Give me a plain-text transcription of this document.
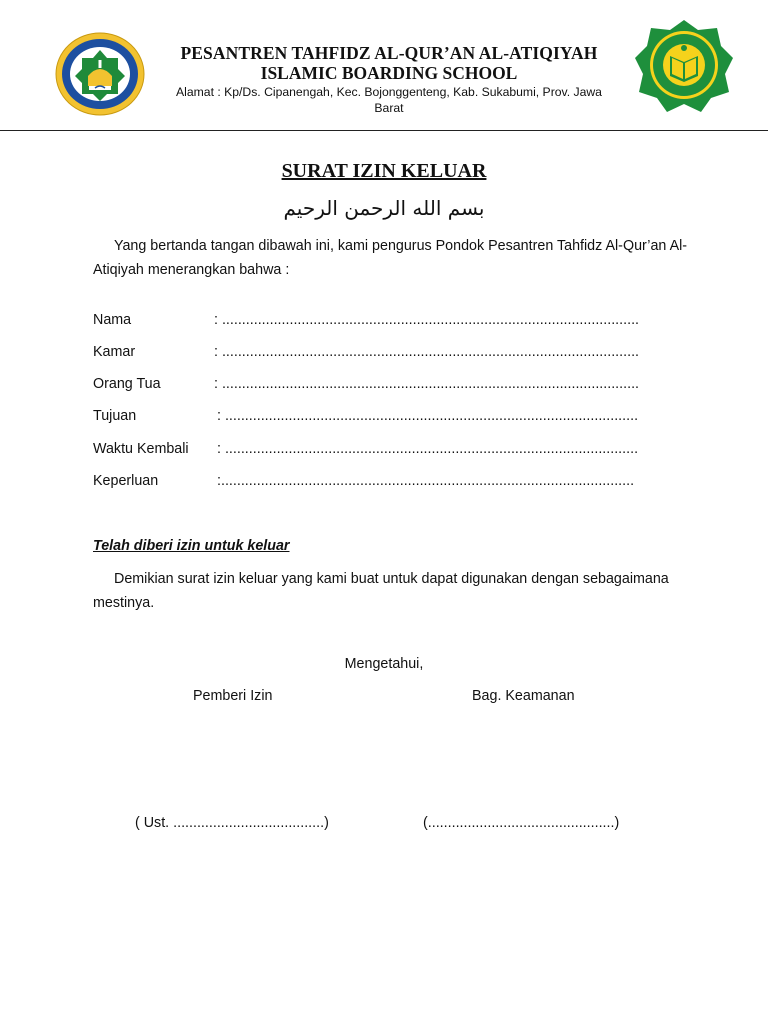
PESANTREN TAHFIDZ AL-QUR’AN AL-ATIQIYAH
ISLAMIC BOARDING SCHOOL
Alamat : Kp/Ds. Cipanengah, Kec. Bojonggenteng, Kab. Sukabumi, Prov. Jawa Barat
SURAT IZIN KELUAR
بسم الله الرحمن الرحيم
Yang bertanda tangan dibawah ini, kami pengurus Pondok Pesantren Tahfidz Al-Qur’an Al-Atiqiyah menerangkan bahwa :
Nama	: .........................................................................................................
Kamar	: .........................................................................................................
Orang Tua	: .........................................................................................................
Tujuan	: ........................................................................................................
Waktu Kembali : ........................................................................................................
Keperluan	:........................................................................................................
Telah diberi izin untuk keluar
Demikian surat izin keluar yang kami buat untuk dapat digunakan dengan sebagaimana mestinya.
Mengetahui,
Pemberi Izin	Bag. Keamanan
( Ust. ......................................)	(...............................................)
